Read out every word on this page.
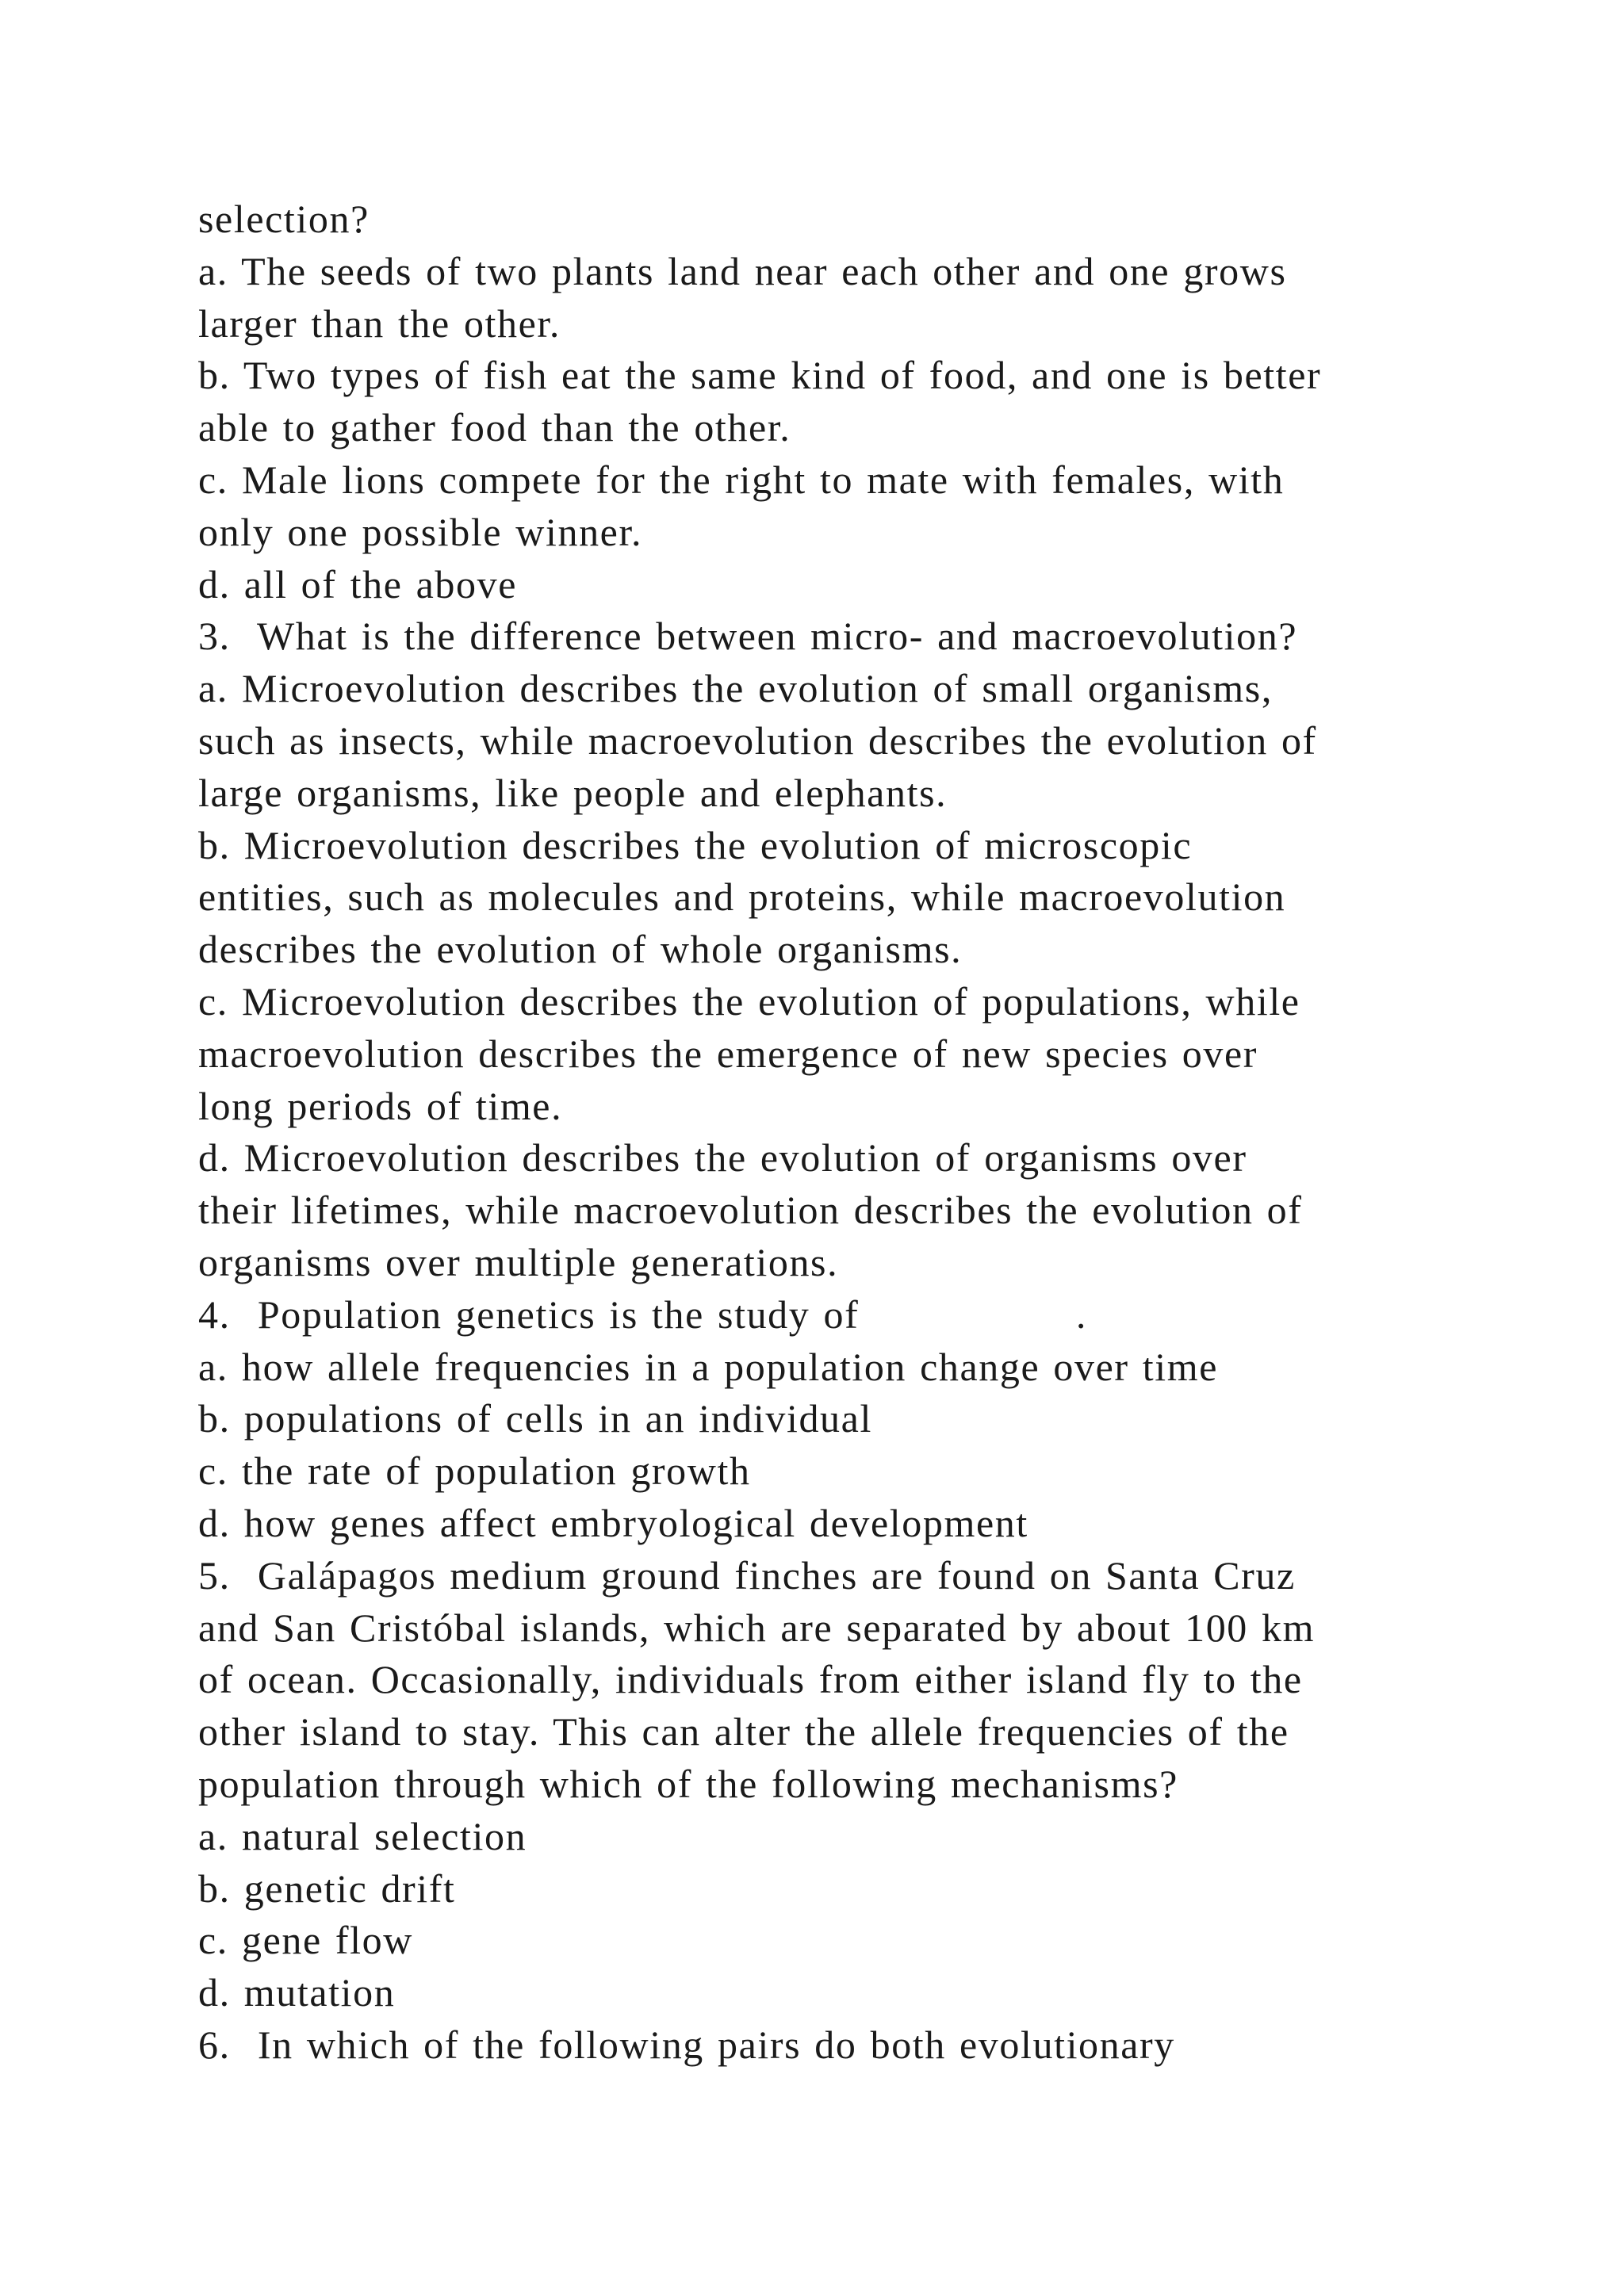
selection?
a. The seeds of two plants land near each other and one grows
larger than the other.
b. Two types of fish eat the same kind of food, and one is better
able to gather food than the other.
c. Male lions compete for the right to mate with females, with
only one possible winner.
d. all of the above
3.  What is the difference between micro- and macroevolution?
a. Microevolution describes the evolution of small organisms,
such as insects, while macroevolution describes the evolution of
large organisms, like people and elephants.
b. Microevolution describes the evolution of microscopic
entities, such as molecules and proteins, while macroevolution
describes the evolution of whole organisms.
c. Microevolution describes the evolution of populations, while
macroevolution describes the emergence of new species over
long periods of time.
d. Microevolution describes the evolution of organisms over
their lifetimes, while macroevolution describes the evolution of
organisms over multiple generations.
4.  Population genetics is the study of                .
a. how allele frequencies in a population change over time
b. populations of cells in an individual
c. the rate of population growth
d. how genes affect embryological development
5.  Galápagos medium ground finches are found on Santa Cruz
and San Cristóbal islands, which are separated by about 100 km
of ocean. Occasionally, individuals from either island fly to the
other island to stay. This can alter the allele frequencies of the
population through which of the following mechanisms?
a. natural selection
b. genetic drift
c. gene flow
d. mutation
6.  In which of the following pairs do both evolutionary
